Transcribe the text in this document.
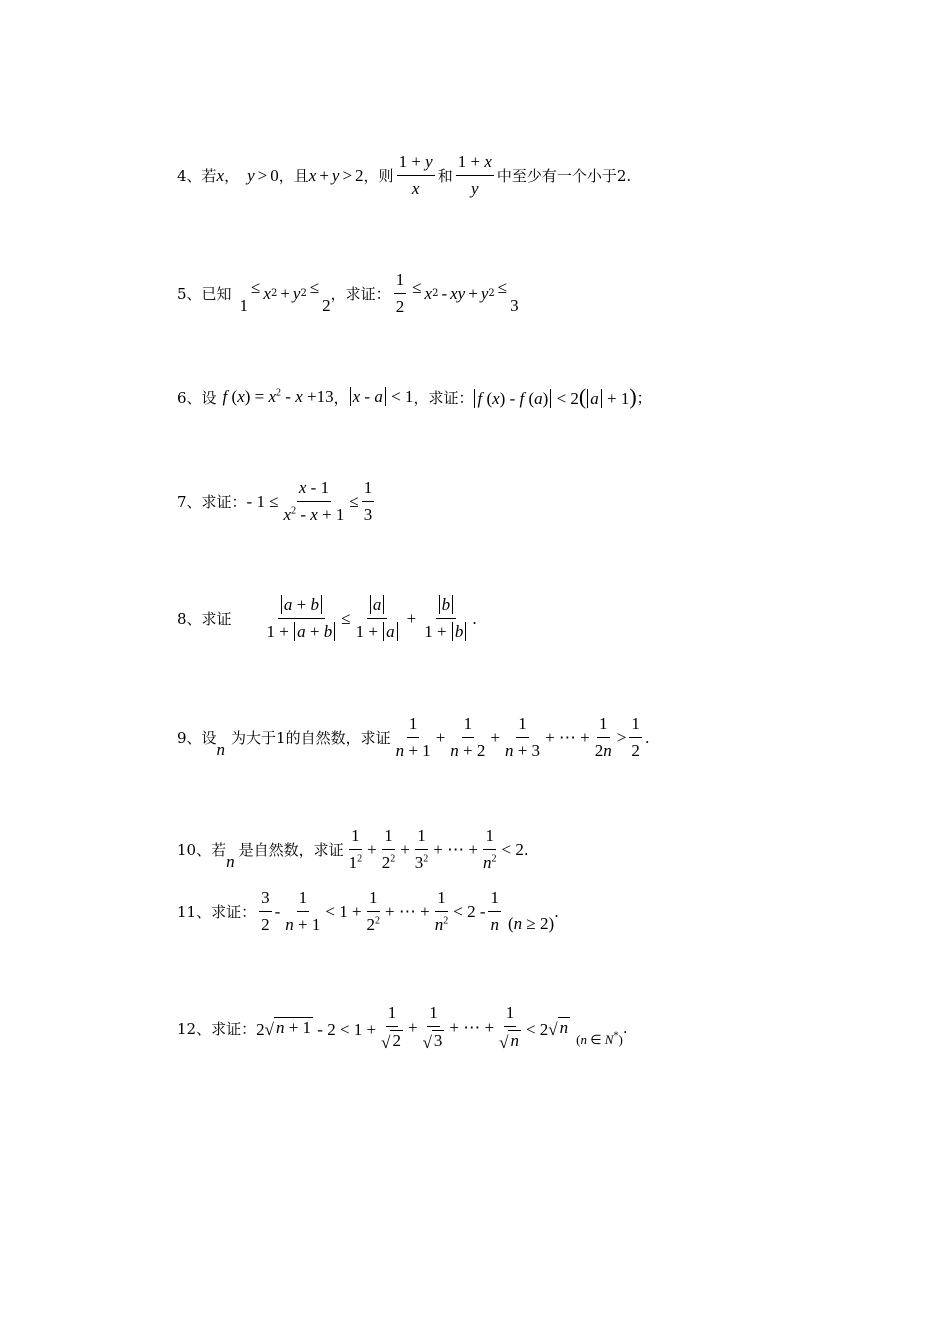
4、若 x ， y > 0 ，且 x + y > 2 ，则 $\frac{1 + y}{x}$ 和 $\frac{1 + x}{y}$ 中至少有一个小于2.
5、已知
1
≤ x 2 + y 2 ≤
2
，求证： $\frac{1}{2} \le x$ 2 - xy + y 2 ≤
3
6、设 f $(x) = x^2 - x +13$ ， x - a < 1 ，求证： f (x) - f (a) < 2( a + 1) ；
7、求证： - $1 \le \frac{x - 1}{x^2 - x + 1} \le \frac{1}{3}$
8、求证 $\frac{a + b}{1 + a + b} \le \frac{a}{1 + a} + \frac{b}{1 + b}$ .
9、设
n
为大于1的自然数，求证 $\frac{1}{n + 1} + \frac{1}{n + 2} + \frac{1}{n + 3}$ + ⋯ + $\frac{1}{2n} > \frac{1}{2}$ .
10、若
n
是自然数，求证 $\frac{1}{1^2} + \frac{1}{2^2} + \frac{1}{3^2}$ + ⋯ + $\frac{1}{n^2} < 2$ .
11、求证： $\frac{3}{2} - \frac{1}{n + 1} < 1 + \frac{1}{2^2}$ + ⋯ + $\frac{1}{n^2} < 2 - \frac{1}{n} (n \ge 2)$
.
12、求证： 2 √ $n + 1 - 2 < 1 + \frac{1}{√ 2} + \frac{1}{√ 3}$ + ⋯ + $\frac{1}{√ n} < 2$ √ n
(n ∈ N*)
.
